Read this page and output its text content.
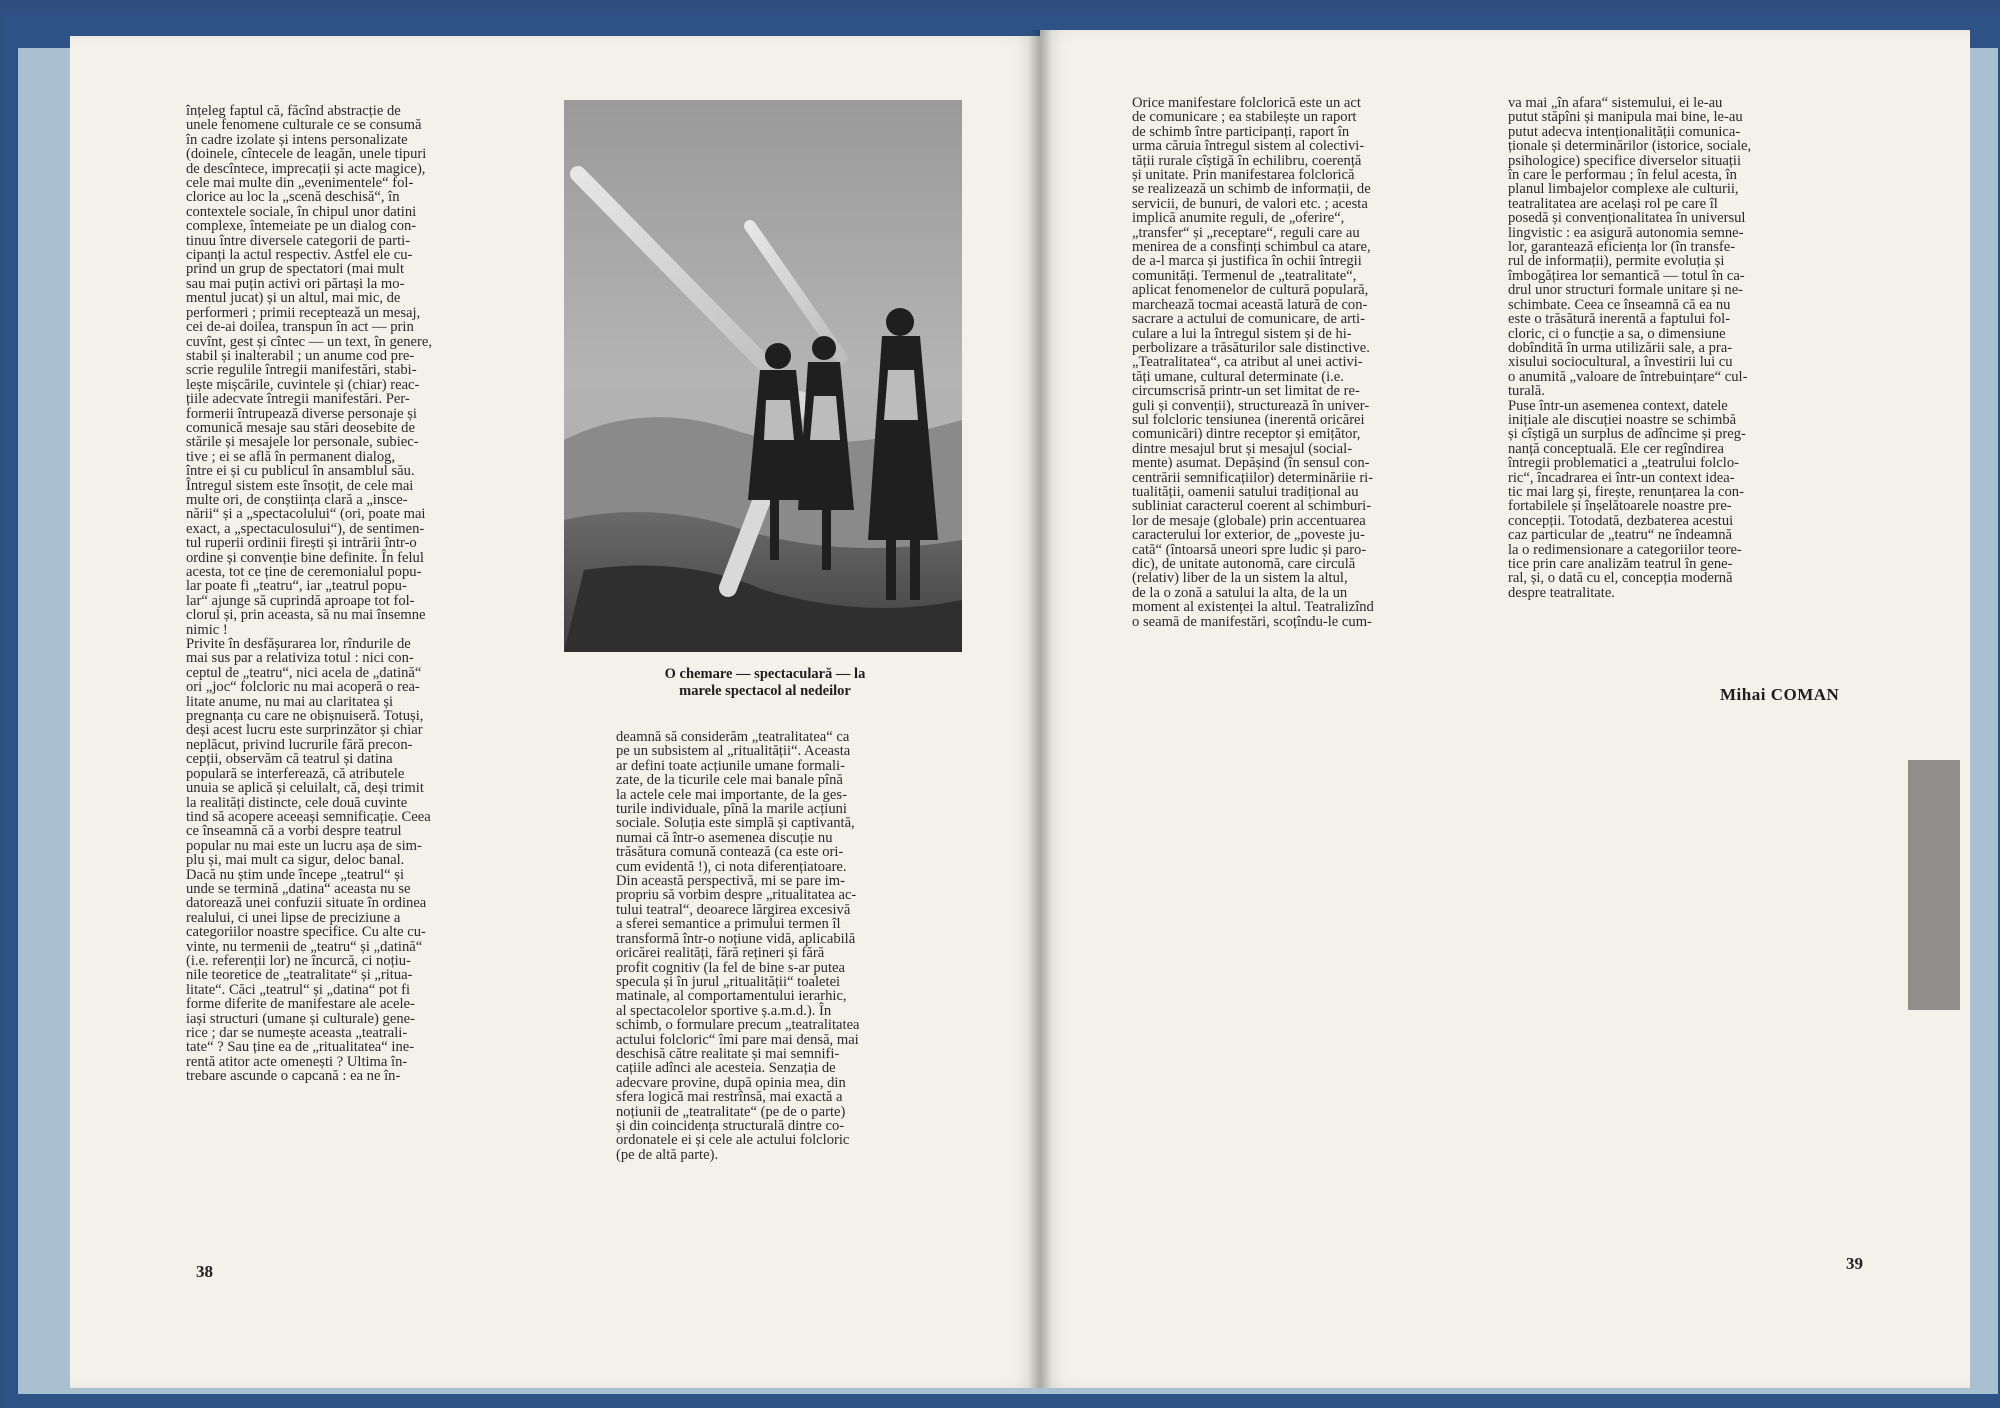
înțeleg faptul că, făcînd abstracție de
unele fenomene culturale ce se consumă
în cadre izolate și intens personalizate
(doinele, cîntecele de leagăn, unele tipuri
de descîntece, imprecații și acte magice),
cele mai multe din „evenimentele“ fol-
clorice au loc la „scenă deschisă“, în
contextele sociale, în chipul unor datini
complexe, întemeiate pe un dialog con-
tinuu între diversele categorii de parti-
cipanți la actul respectiv. Astfel ele cu-
prind un grup de spectatori (mai mult
sau mai puțin activi ori părtași la mo-
mentul jucat) și un altul, mai mic, de
performeri ; primii recepteazǎ un mesaj,
cei de-ai doilea, transpun în act — prin
cuvînt, gest și cîntec — un text, în genere,
stabil și inalterabil ; un anume cod pre-
scrie regulile întregii manifestări, stabi-
lește mișcările, cuvintele și (chiar) reac-
țiile adecvate întregii manifestări. Per-
formerii întrupează diverse personaje și
comunică mesaje sau stări deosebite de
stările și mesajele lor personale, subiec-
tive ; ei se află în permanent dialog,
între ei și cu publicul în ansamblul său.
Întregul sistem este însoțit, de cele mai
multe ori, de conștiința clară a „insce-
nării“ și a „spectacolului“ (ori, poate mai
exact, a „spectaculosului“), de sentimen-
tul ruperii ordinii firești și intrării într-o
ordine și convenție bine definite. În felul
acesta, tot ce ține de ceremonialul popu-
lar poate fi „teatru“, iar „teatrul popu-
lar“ ajunge să cuprindă aproape tot fol-
clorul și, prin aceasta, să nu mai însemne
nimic !
Privite în desfășurarea lor, rîndurile de
mai sus par a relativiza totul : nici con-
ceptul de „teatru“, nici acela de „datină“
ori „joc“ folcloric nu mai acoperă o rea-
litate anume, nu mai au claritatea și
pregnanța cu care ne obișnuiserǎ. Totuși,
deși acest lucru este surprinzător și chiar
neplăcut, privind lucrurile fără precon-
cepții, observăm că teatrul și datina
populară se interferează, că atributele
unuia se aplică și celuilalt, că, deși trimit
la realități distincte, cele două cuvinte
tind să acopere aceeași semnificație. Ceea
ce înseamnă că a vorbi despre teatrul
popular nu mai este un lucru așa de sim-
plu și, mai mult ca sigur, deloc banal.
Dacă nu știm unde începe „teatrul“ și
unde se termină „datina“ aceasta nu se
datorează unei confuzii situate în ordinea
realului, ci unei lipse de preciziune a
categoriilor noastre specifice. Cu alte cu-
vinte, nu termenii de „teatru“ și „datină“
(i.e. referenții lor) ne încurcă, ci noțiu-
nile teoretice de „teatralitate“ și „ritua-
litate“. Căci „teatrul“ și „datina“ pot fi
forme diferite de manifestare ale acele-
iași structuri (umane și culturale) gene-
rice ; dar se numește aceasta „teatrali-
tate“ ? Sau ține ea de „ritualitatea“ ine-
rentă atitor acte omenești ? Ultima în-
trebare ascunde o capcană : ea ne în-
O chemare — spectaculară — la
marele spectacol al nedeilor
deamnă să considerăm „teatralitatea“ ca
pe un subsistem al „ritualității“. Aceasta
ar defini toate acțiunile umane formali-
zate, de la ticurile cele mai banale pînă
la actele cele mai importante, de la ges-
turile individuale, pînă la marile acțiuni
sociale. Soluția este simplă și captivantă,
numai că într-o asemenea discuție nu
trăsătura comună contează (ca este ori-
cum evidentă !), ci nota diferențiatoare.
Din această perspectivă, mi se pare im-
propriu să vorbim despre „ritualitatea ac-
tului teatral“, deoarece lărgirea excesivă
a sferei semantice a primului termen îl
transformă într-o noțiune vidă, aplicabilă
oricărei realități, fără rețineri și fără
profit cognitiv (la fel de bine s-ar putea
specula și în jurul „ritualității“ toaletei
matinale, al comportamentului ierarhic,
al spectacolelor sportive ș.a.m.d.). În
schimb, o formulare precum „teatralitatea
actului folcloric“ îmi pare mai densă, mai
deschisă către realitate și mai semnifi-
cațiile adînci ale acesteia. Senzația de
adecvare provine, după opinia mea, din
sfera logică mai restrînsă, mai exactă a
noțiunii de „teatralitate“ (pe de o parte)
și din coincidența structurală dintre co-
ordonatele ei și cele ale actului folcloric
(pe de altă parte).
38
Orice manifestare folclorică este un act
de comunicare ; ea stabilește un raport
de schimb între participanți, raport în
urma căruia întregul sistem al colectivi-
tății rurale cîștigă în echilibru, coerență
și unitate. Prin manifestarea folclorică
se realizează un schimb de informații, de
servicii, de bunuri, de valori etc. ; acesta
implică anumite reguli, de „oferire“,
„transfer“ și „receptare“, reguli care au
menirea de a consfinți schimbul ca atare,
de a-l marca și justifica în ochii întregii
comunități. Termenul de „teatralitate“,
aplicat fenomenelor de cultură populară,
marchează tocmai această latură de con-
sacrare a actului de comunicare, de arti-
culare a lui la întregul sistem și de hi-
perbolizare a trăsăturilor sale distinctive.
„Teatralitatea“, ca atribut al unei activi-
tăți umane, cultural determinate (i.e.
circumscrisă printr-un set limitat de re-
guli și convenții), structurează în univer-
sul folcloric tensiunea (inerentă oricărei
comunicări) dintre receptor și emițător,
dintre mesajul brut și mesajul (social-
mente) asumat. Depășind (în sensul con-
centrării semnificațiilor) determinăriie ri-
tualității, oamenii satului tradițional au
subliniat caracterul coerent al schimburi-
lor de mesaje (globale) prin accentuarea
caracterului lor exterior, de „poveste ju-
cată“ (întoarsă uneori spre ludic și paro-
dic), de unitate autonomă, care circulă
(relativ) liber de la un sistem la altul,
de la o zonă a satului la alta, de la un
moment al existenței la altul. Teatralizînd
o seamă de manifestări, scoțîndu-le cum-
va mai „în afara“ sistemului, ei le-au
putut stăpîni și manipula mai bine, le-au
putut adecva intenționalității comunica-
ționale și determinărilor (istorice, sociale,
psihologice) specifice diverselor situații
în care le performau ; în felul acesta, în
planul limbajelor complexe ale culturii,
teatralitatea are același rol pe care îl
posedă și convenționalitatea în universul
lingvistic : ea asigură autonomia semne-
lor, garantează eficiența lor (în transfe-
rul de informații), permite evoluția și
îmbogățirea lor semantică — totul în ca-
drul unor structuri formale unitare și ne-
schimbate. Ceea ce înseamnă că ea nu
este o trăsătură inerentă a faptului fol-
cloric, ci o funcție a sa, o dimensiune
dobîndită în urma utilizării sale, a pra-
xisului sociocultural, a învestirii lui cu
o anumită „valoare de întrebuințare“ cul-
turală.
Puse într-un asemenea context, datele
inițiale ale discuției noastre se schimbă
și cîștigă un surplus de adîncime și preg-
nanță conceptuală. Ele cer regîndirea
întregii problematici a „teatrului folclo-
ric“, încadrarea ei într-un context ideа-
tic mai larg și, firește, renunțarea la con-
fortabilele și înșelătoarele noastre pre-
concepții. Totodată, dezbaterea acestui
caz particular de „teatru“ ne îndeamnă
la o redimensionare a categoriilor teore-
tice prin care analizăm teatrul în gene-
ral, și, o dată cu el, concepția modernă
despre teatralitate.
Mihai COMAN
39
